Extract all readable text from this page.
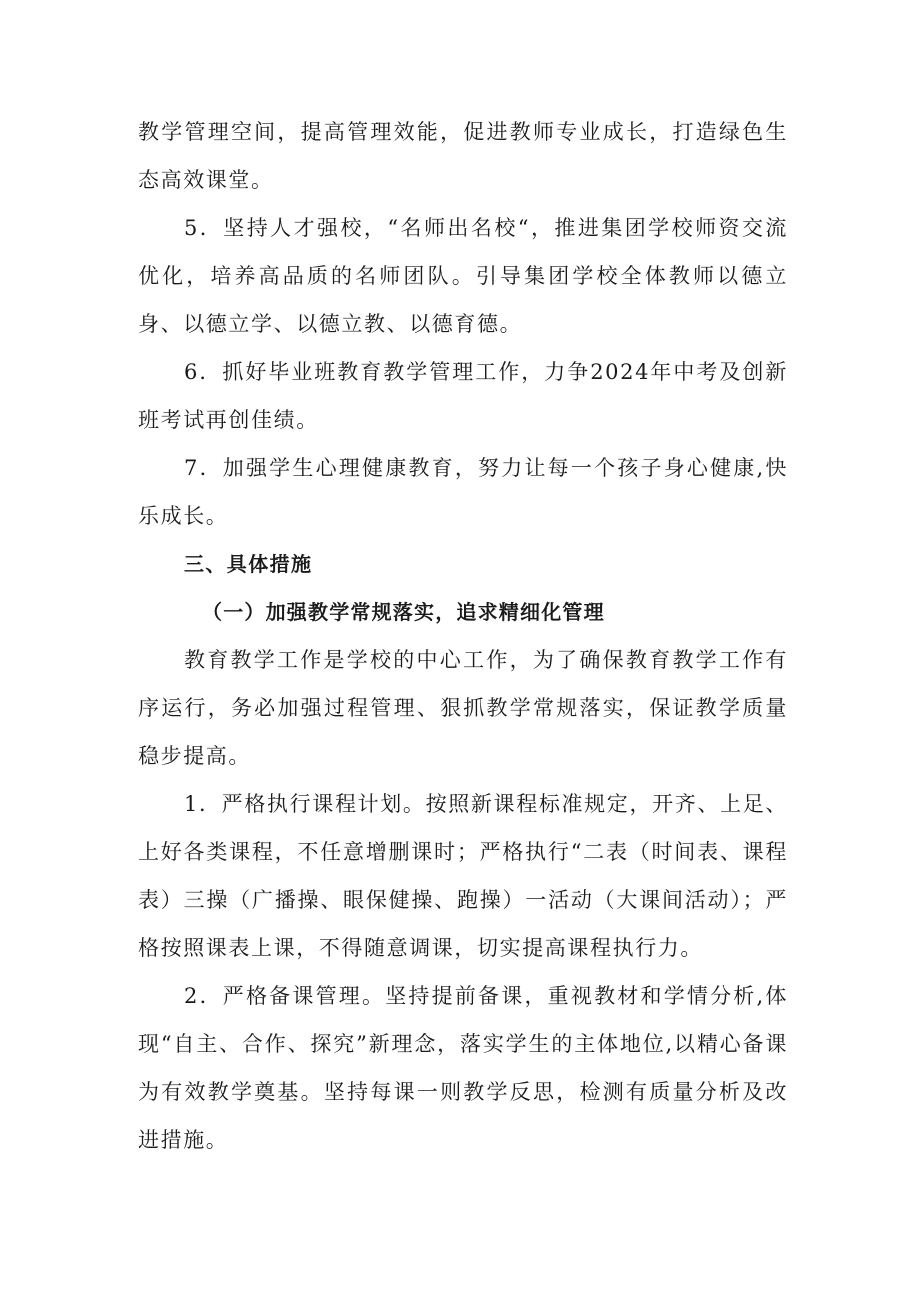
教学管理空间，提高管理效能，促进教师专业成长，打造绿色生态高效课堂。

5．坚持人才强校，“名师出名校“，推进集团学校师资交流优化，培养高品质的名师团队。引导集团学校全体教师以德立身、以德立学、以德立教、以德育德。

6．抓好毕业班教育教学管理工作，力争2024年中考及创新班考试再创佳绩。

7．加强学生心理健康教育，努力让每一个孩子身心健康,快乐成长。

三、具体措施

（一）加强教学常规落实，追求精细化管理

教育教学工作是学校的中心工作，为了确保教育教学工作有序运行，务必加强过程管理、狠抓教学常规落实，保证教学质量稳步提高。

1．严格执行课程计划。按照新课程标准规定，开齐、上足、上好各类课程，不任意增删课时；严格执行“二表（时间表、课程表）三操（广播操、眼保健操、跑操）一活动（大课间活动）；严格按照课表上课，不得随意调课，切实提高课程执行力。

2．严格备课管理。坚持提前备课，重视教材和学情分析,体现“自主、合作、探究”新理念，落实学生的主体地位,以精心备课为有效教学奠基。坚持每课一则教学反思，检测有质量分析及改进措施。
